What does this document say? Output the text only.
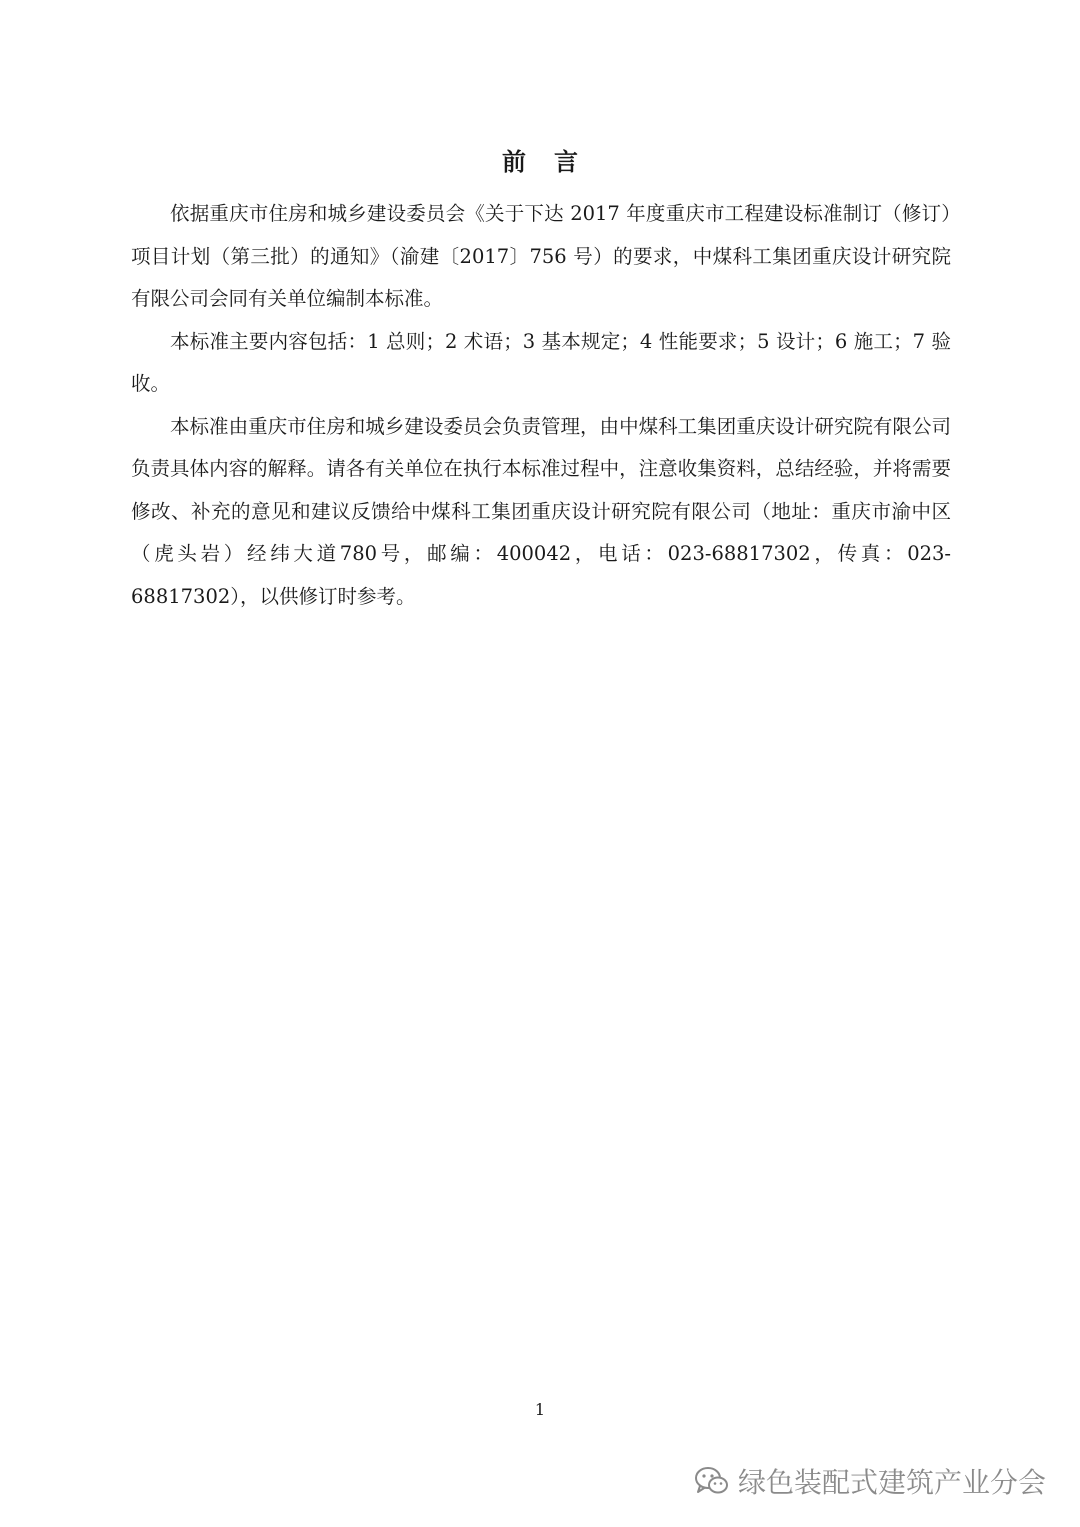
前言

依据重庆市住房和城乡建设委员会《关于下达 2017 年度重庆市工程建设标准制订（修订）项目计划（第三批）的通知》（渝建〔2017〕756 号）的要求，中煤科工集团重庆设计研究院有限公司会同有关单位编制本标准。

本标准主要内容包括：1 总则；2 术语；3 基本规定；4 性能要求；5 设计；6 施工；7 验收。

本标准由重庆市住房和城乡建设委员会负责管理，由中煤科工集团重庆设计研究院有限公司负责具体内容的解释。请各有关单位在执行本标准过程中，注意收集资料，总结经验，并将需要修改、补充的意见和建议反馈给中煤科工集团重庆设计研究院有限公司（地址：重庆市渝中区（虎头岩）经纬大道780号，邮编：400042，电话：023-68817302，传真：023-68817302），以供修订时参考。

1
绿色装配式建筑产业分会
